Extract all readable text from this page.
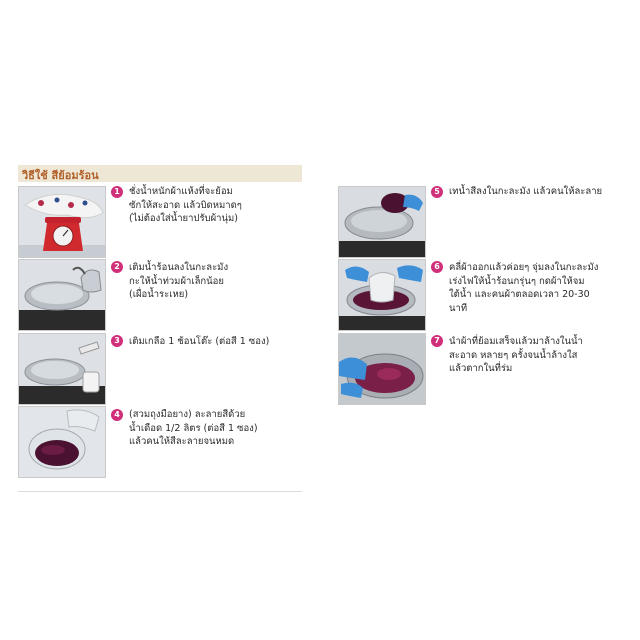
วิธีใช้ สีย้อมร้อน
1 ชั่งน้ำหนักผ้าแห้งที่จะย้อม
ซักให้สะอาด แล้วบิดหมาดๆ
(ไม่ต้องใส่น้ำยาปรับผ้านุ่ม)
2 เติมน้ำร้อนลงในกะละมัง
กะให้น้ำท่วมผ้าเล็กน้อย
(เผื่อน้ำระเหย)
3 เติมเกลือ 1 ช้อนโต๊ะ (ต่อสี 1 ซอง)
4 (สวมถุงมือยาง) ละลายสีด้วย
น้ำเดือด 1/2 ลิตร (ต่อสี 1 ซอง)
แล้วคนให้สีละลายจนหมด
5 เทน้ำสีลงในกะละมัง แล้วคนให้ละลาย
6 คลี่ผ้าออกแล้วค่อยๆ จุ่มลงในกะละมัง
เร่งไฟให้น้ำร้อนกรุ่นๆ กดผ้าให้จม
ใต้น้ำ และคนผ้าตลอดเวลา 20-30
นาที
7 นำผ้าที่ย้อมเสร็จแล้วมาล้างในน้ำ
สะอาด หลายๆ ครั้งจนน้ำล้างใส
แล้วตากในที่ร่ม
